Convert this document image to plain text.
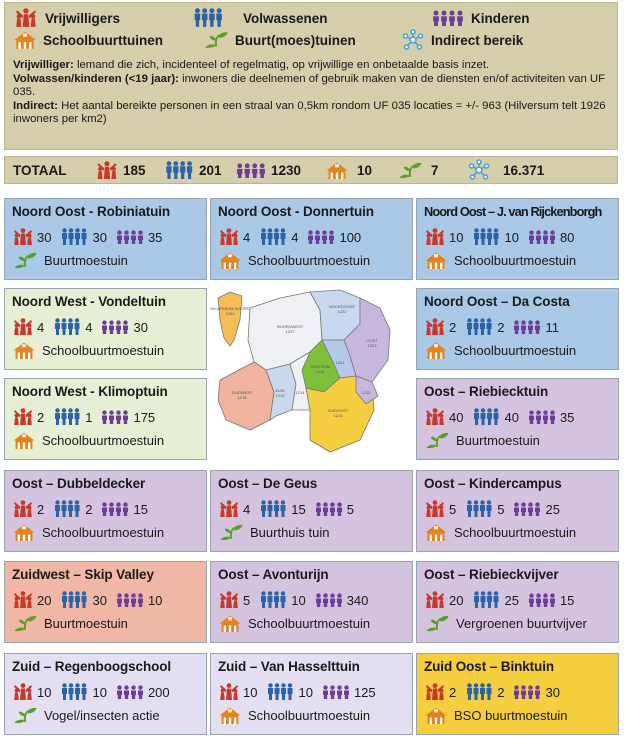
Vrijwilligers	Volwassenen	Kinderen
Schoolbuurttuinen	Buurt(moes)tuinen	Indirect bereik
Vrijwilliger: lemand die zich, incidenteel of regelmatig, op vrijwillige en onbetaalde basis inzet.
Volwassen/kinderen (<19 jaar): inwoners die deelnemen of gebruik maken van de diensten en/of activiteiten van UF 035.
Indirect: Het aantal bereikte personen in een straal van 0,5km rondom UF 035 locaties = +/- 963 (Hilversum telt 1926 inwoners per km2)
TOTAAL	185	201	1230	10	7	16.371
Noord Oost - Robiniatuin
30	30	35
Buurtmoestuin
Noord Oost - Donnertuin
4	4	100
Schoolbuurtmoestuin
Noord Oost – J. van Rijckenborgh
10	10	80
Schoolbuurtmoestuin
Noord West - Vondeltuin
4	4	30
Schoolbuurtmoestuin
Noord Oost – Da Costa
2	2	11
Schoolbuurtmoestuin
Noord West - Klimoptuin
2	1	175
Schoolbuurtmoestuin
Oost – Riebiecktuin
40	40	35
Buurtmoestuin
Oost – Dubbeldecker
2	2	15
Schoolbuurtmoestuin
Oost – De Geus
4	15	5
Buurthuis tuin
Oost – Kindercampus
5	5	25
Schoolbuurtmoestuin
Zuidwest – Skip Valley
20	30	10
Buurtmoestuin
Oost – Avonturijn
5	10	340
Schoolbuurtmoestuin
Oost – Riebieckvijver
20	25	15
Vergroenen buurtvijver
Zuid – Regenboogschool
10	10	200
Vogel/insecten actie
Zuid – Van Hasselttuin
10	10	125
Schoolbuurtmoestuin
Zuid Oost – Binktuin
2	2	30
BSO buurtmoestuin
HILVERSUM NOORD
1200
NOORDWEST
1227
NOORDOOST
1222
OOST
1223
CENTRUM
1211
1221
ZUIDWEST
1215
ZUID
1213
1214
ZUIDOOST
1213
1212
